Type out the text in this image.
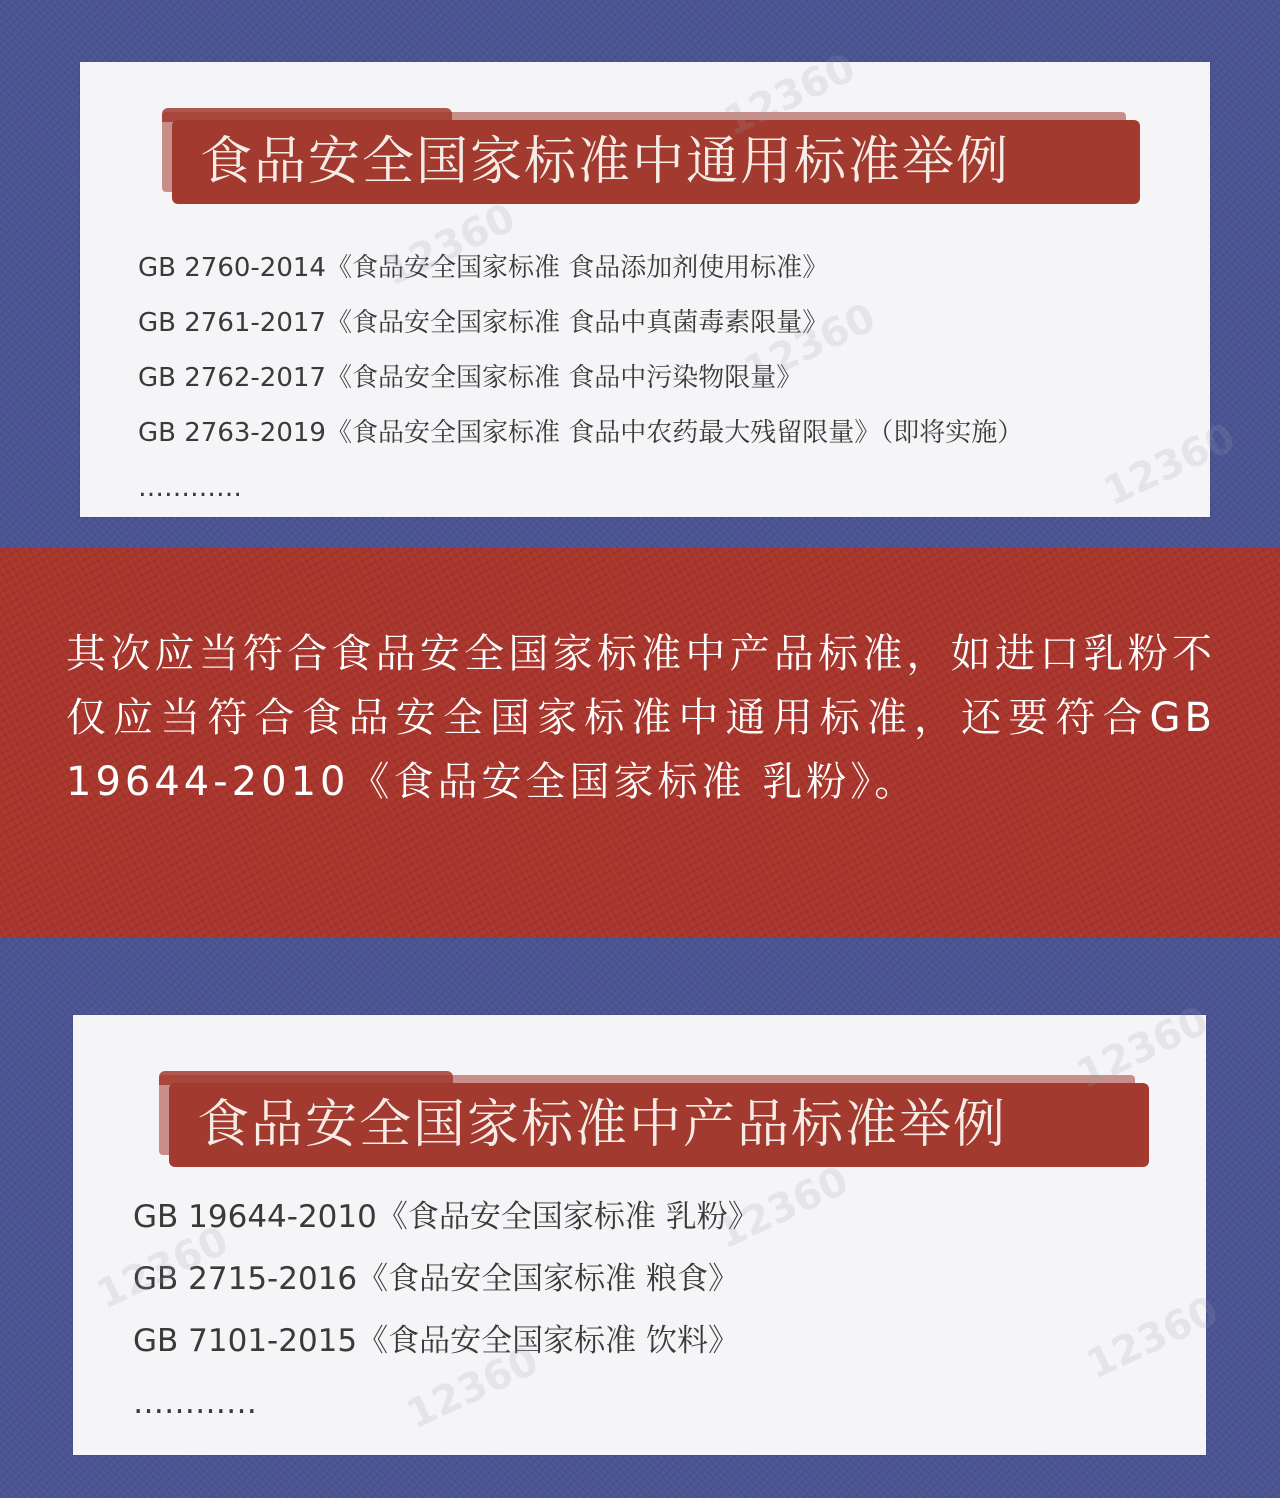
食品安全国家标准中通用标准举例
GB 2760-2014《食品安全国家标准 食品添加剂使用标准》
GB 2761-2017《食品安全国家标准 食品中真菌毒素限量》
GB 2762-2017《食品安全国家标准 食品中污染物限量》
GB 2763-2019《食品安全国家标准 食品中农药最大残留限量》（即将实施）
…………
12360
12360
12360
12360

其次应当符合食品安全国家标准中产品标准，如进口乳粉不仅应当符合食品安全国家标准中通用标准，还要符合GB 19644-2010《食品安全国家标准 乳粉》。

食品安全国家标准中产品标准举例
GB 19644-2010《食品安全国家标准 乳粉》
GB 2715-2016《食品安全国家标准 粮食》
GB 7101-2015《食品安全国家标准 饮料》
…………
12360
12360
12360
12360
12360
